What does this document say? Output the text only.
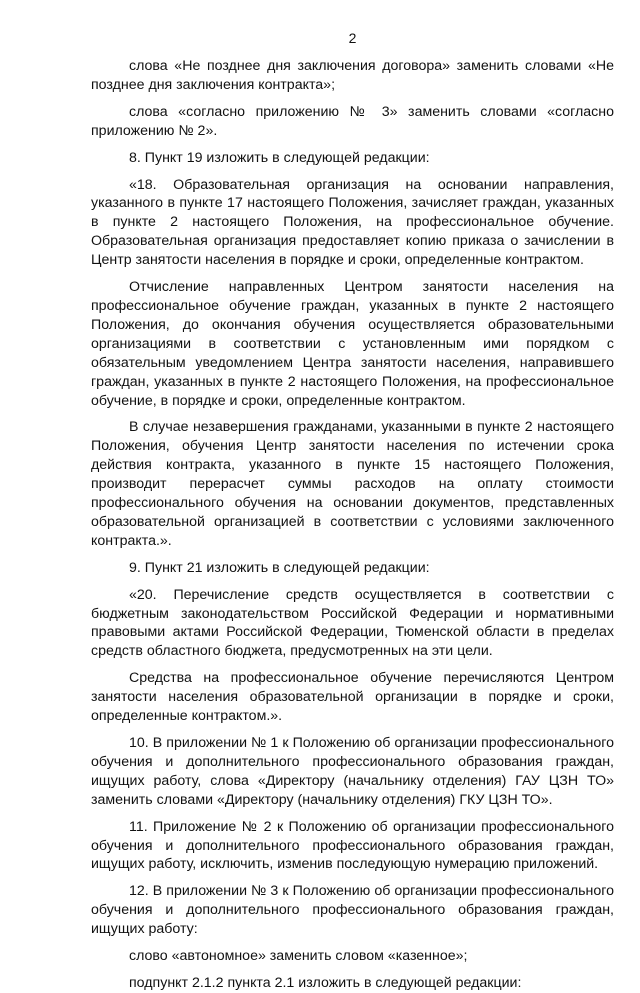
2

слова «Не позднее дня заключения договора» заменить словами «Не позднее дня заключения контракта»;

слова «согласно приложению № 3» заменить словами «согласно приложению № 2».

8. Пункт 19 изложить в следующей редакции:

«18. Образовательная организация на основании направления, указанного в пункте 17 настоящего Положения, зачисляет граждан, указанных в пункте 2 настоящего Положения, на профессиональное обучение. Образовательная организация предоставляет копию приказа о зачислении в Центр занятости населения в порядке и сроки, определенные контрактом.

Отчисление направленных Центром занятости населения на профессиональное обучение граждан, указанных в пункте 2 настоящего Положения, до окончания обучения осуществляется образовательными организациями в соответствии с установленным ими порядком с обязательным уведомлением Центра занятости населения, направившего граждан, указанных в пункте 2 настоящего Положения, на профессиональное обучение, в порядке и сроки, определенные контрактом.

В случае незавершения гражданами, указанными в пункте 2 настоящего Положения, обучения Центр занятости населения по истечении срока действия контракта, указанного в пункте 15 настоящего Положения, производит перерасчет суммы расходов на оплату стоимости профессионального обучения на основании документов, представленных образовательной организацией в соответствии с условиями заключенного контракта.».

9. Пункт 21 изложить в следующей редакции:

«20. Перечисление средств осуществляется в соответствии с бюджетным законодательством Российской Федерации и нормативными правовыми актами Российской Федерации, Тюменской области в пределах средств областного бюджета, предусмотренных на эти цели.

Средства на профессиональное обучение перечисляются Центром занятости населения образовательной организации в порядке и сроки, определенные контрактом.».

10. В приложении № 1 к Положению об организации профессионального обучения и дополнительного профессионального образования граждан, ищущих работу, слова «Директору (начальнику отделения) ГАУ ЦЗН ТО» заменить словами «Директору (начальнику отделения) ГКУ ЦЗН ТО».

11. Приложение № 2 к Положению об организации профессионального обучения и дополнительного профессионального образования граждан, ищущих работу, исключить, изменив последующую нумерацию приложений.

12. В приложении № 3 к Положению об организации профессионального обучения и дополнительного профессионального образования граждан, ищущих работу:

слово «автономное» заменить словом «казенное»;

подпункт 2.1.2 пункта 2.1 изложить в следующей редакции:
